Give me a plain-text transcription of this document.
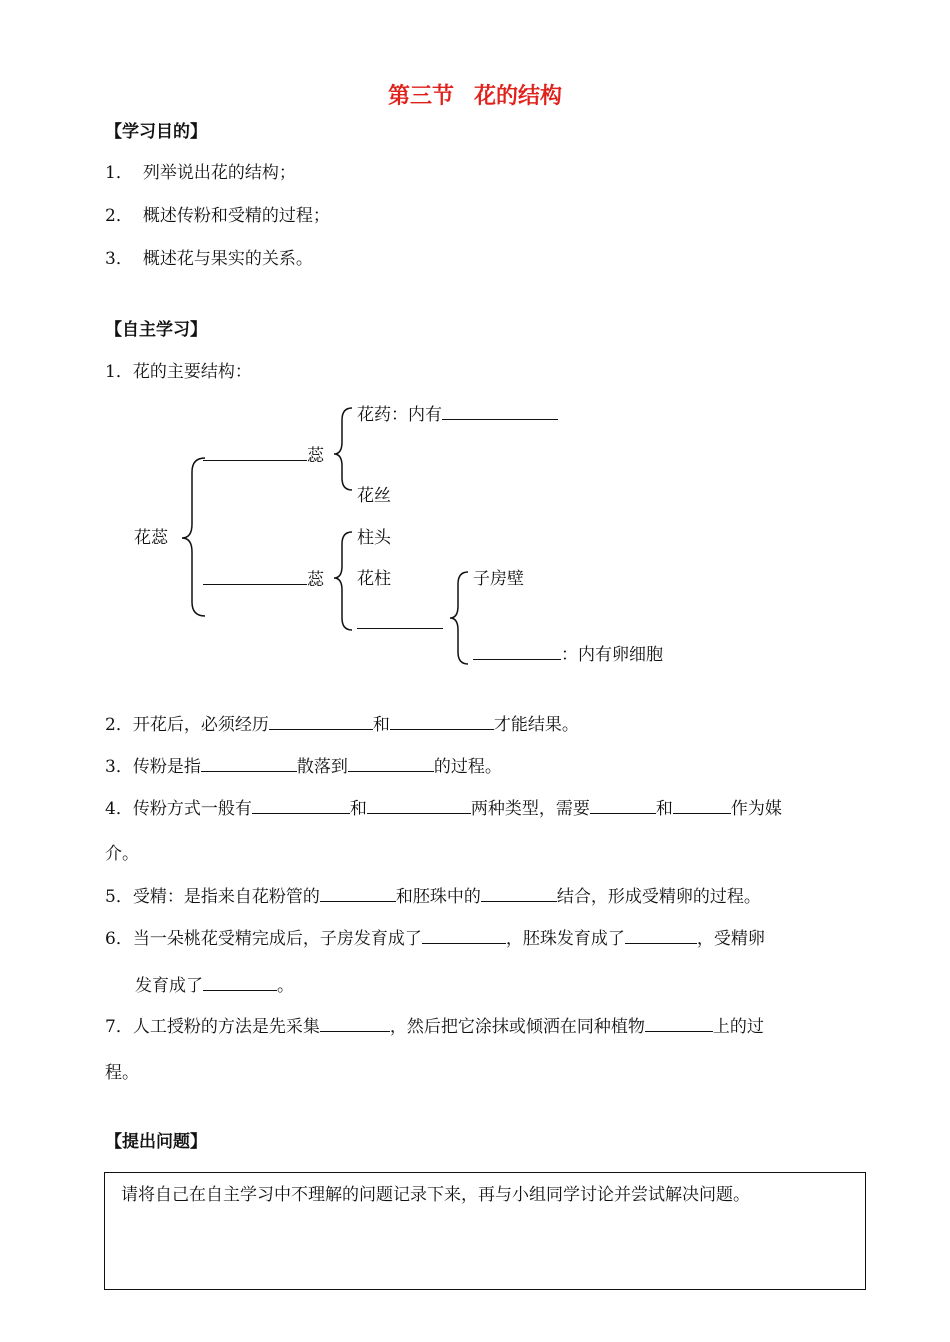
第三节 花的结构
【学习目的】
1． 列举说出花的结构；
2． 概述传粉和受精的过程；
3． 概述花与果实的关系。
【自主学习】
1．花的主要结构：
花蕊
蕊
花药：内有
花丝
蕊
柱头
花柱	子房壁
：内有卵细胞
2．开花后，必须经历	和	才能结果。
3．传粉是指	散落到	的过程。
4．传粉方式一般有	和	两种类型，需要	和	作为媒
介。
5．受精：是指来自花粉管的	和胚珠中的	结合，形成受精卵的过程。
6．当一朵桃花受精完成后，子房发育成了	，胚珠发育成了	，受精卵
发育成了	。
7．人工授粉的方法是先采集	，然后把它涂抹或倾洒在同种植物	上的过
程。
【提出问题】
请将自己在自主学习中不理解的问题记录下来，再与小组同学讨论并尝试解决问题。
